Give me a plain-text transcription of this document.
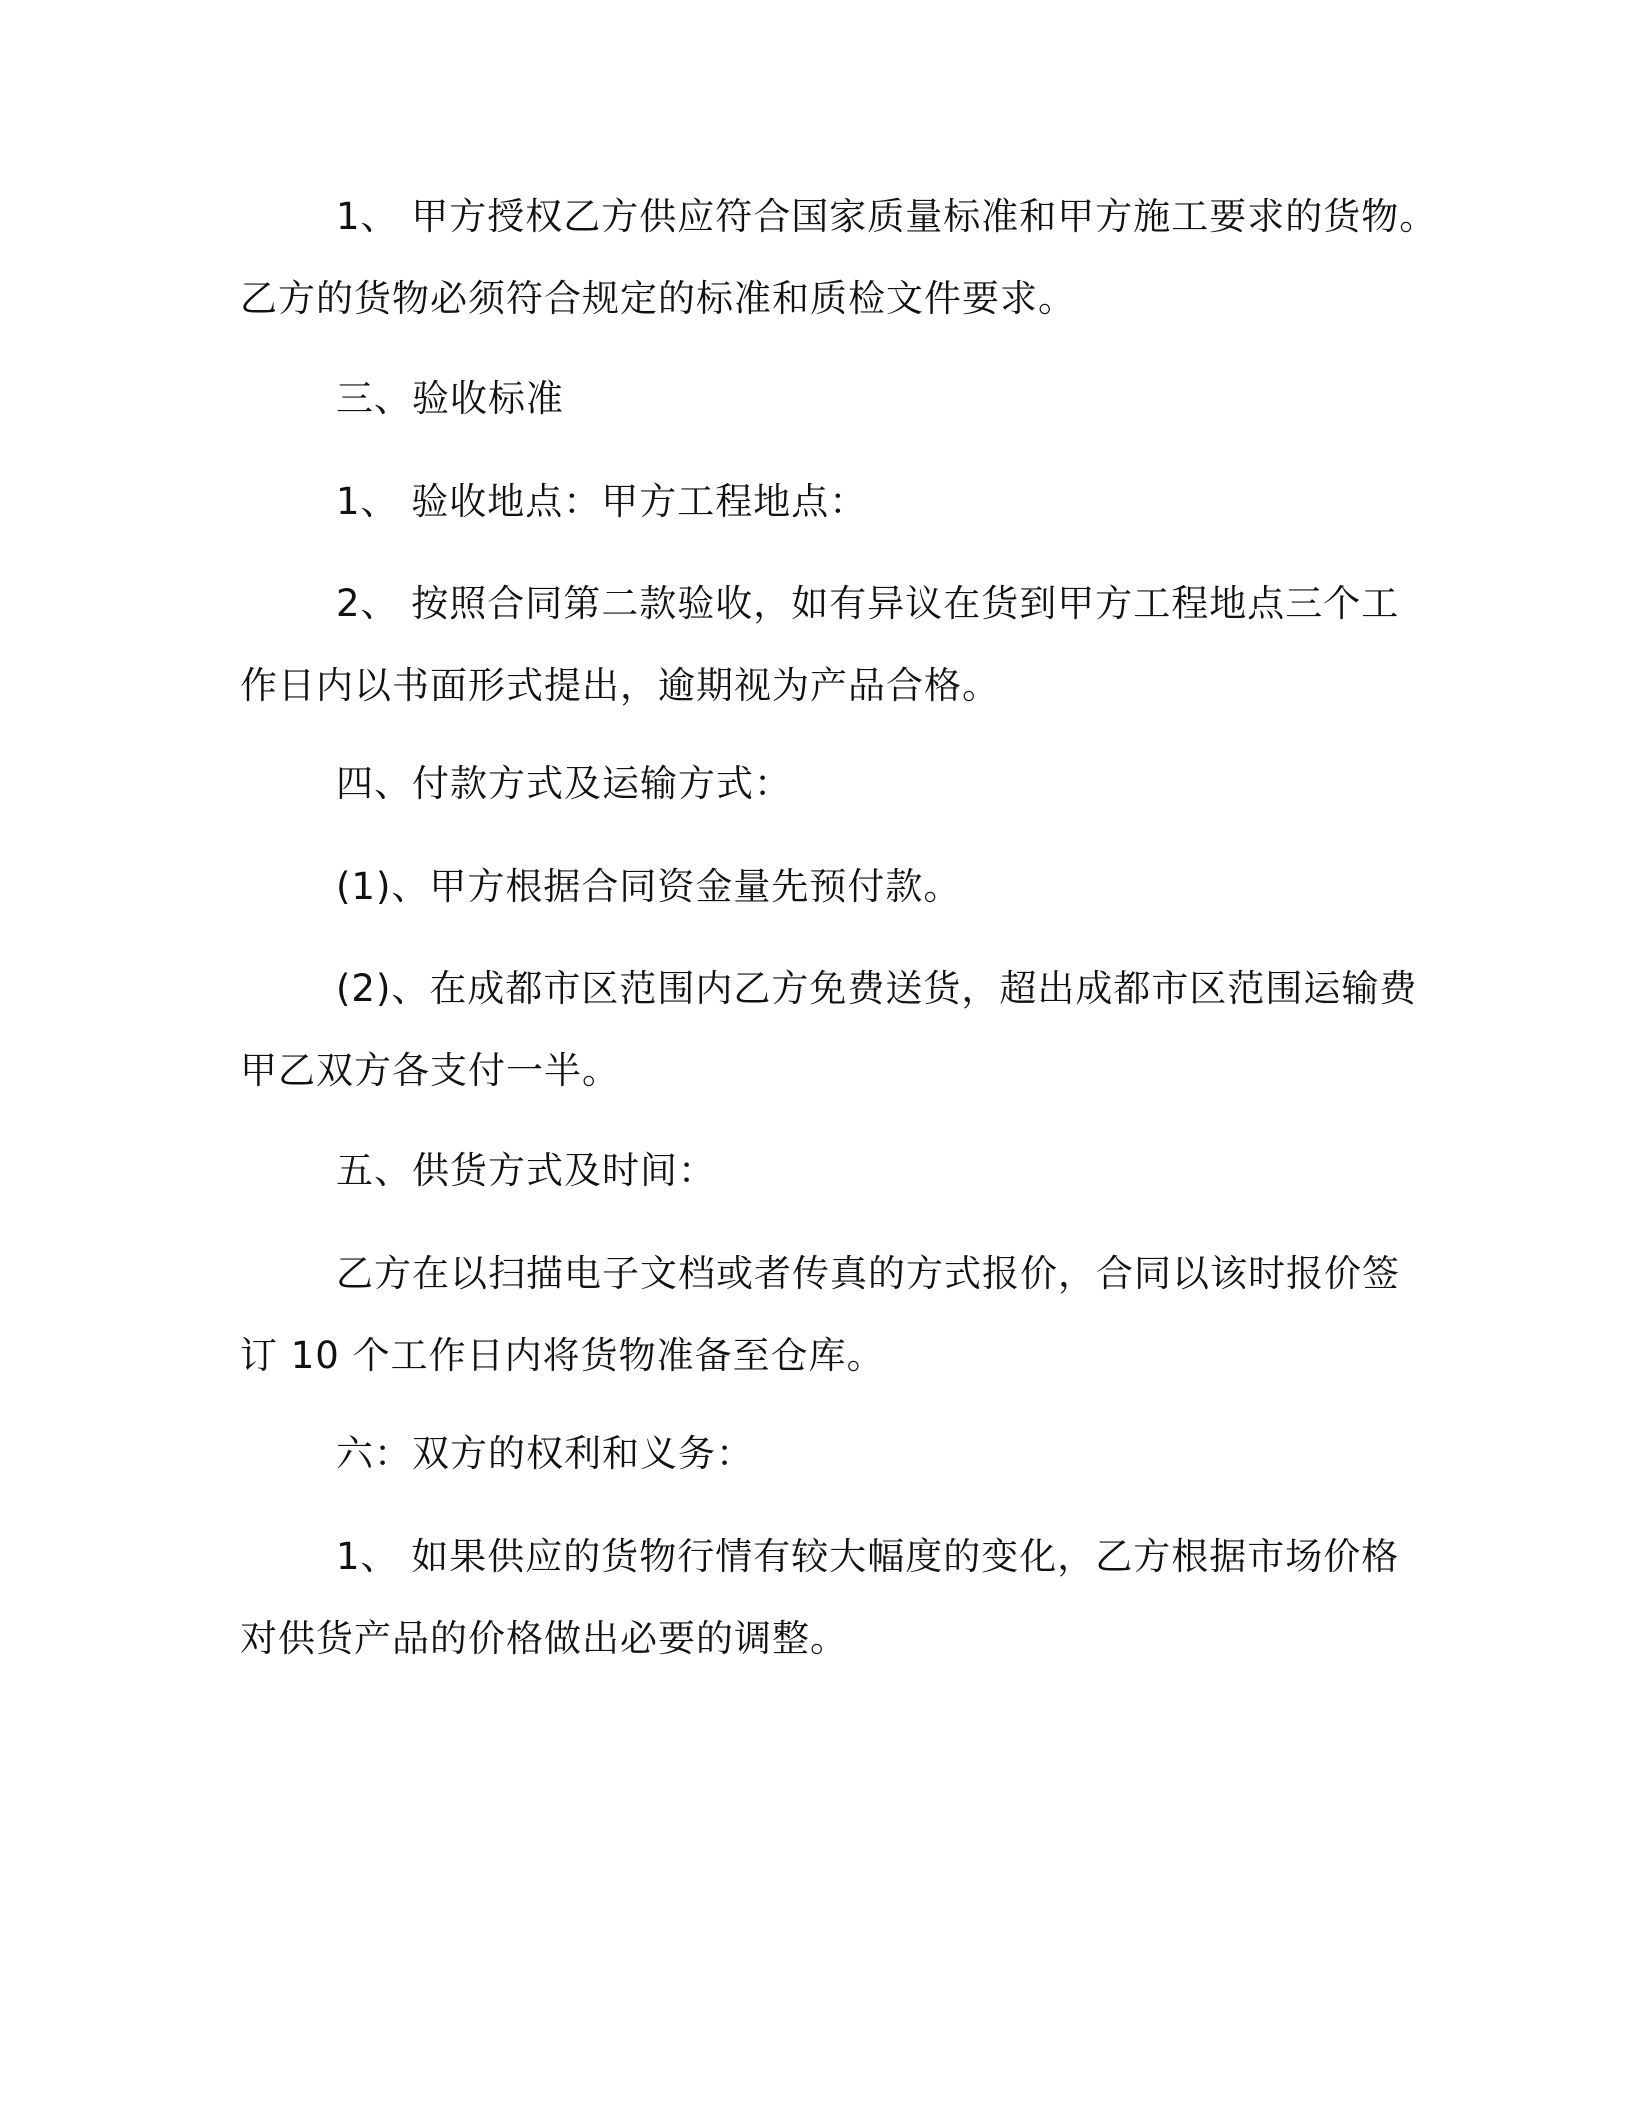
1、 甲方授权乙方供应符合国家质量标准和甲方施工要求的货物。
乙方的货物必须符合规定的标准和质检文件要求。

三、验收标准

1、 验收地点：甲方工程地点：

2、 按照合同第二款验收，如有异议在货到甲方工程地点三个工
作日内以书面形式提出，逾期视为产品合格。

四、付款方式及运输方式：

(1)、甲方根据合同资金量先预付款。

(2)、在成都市区范围内乙方免费送货，超出成都市区范围运输费
甲乙双方各支付一半。

五、供货方式及时间：

乙方在以扫描电子文档或者传真的方式报价，合同以该时报价签
订 10 个工作日内将货物准备至仓库。

六：双方的权利和义务：

1、 如果供应的货物行情有较大幅度的变化，乙方根据市场价格
对供货产品的价格做出必要的调整。
